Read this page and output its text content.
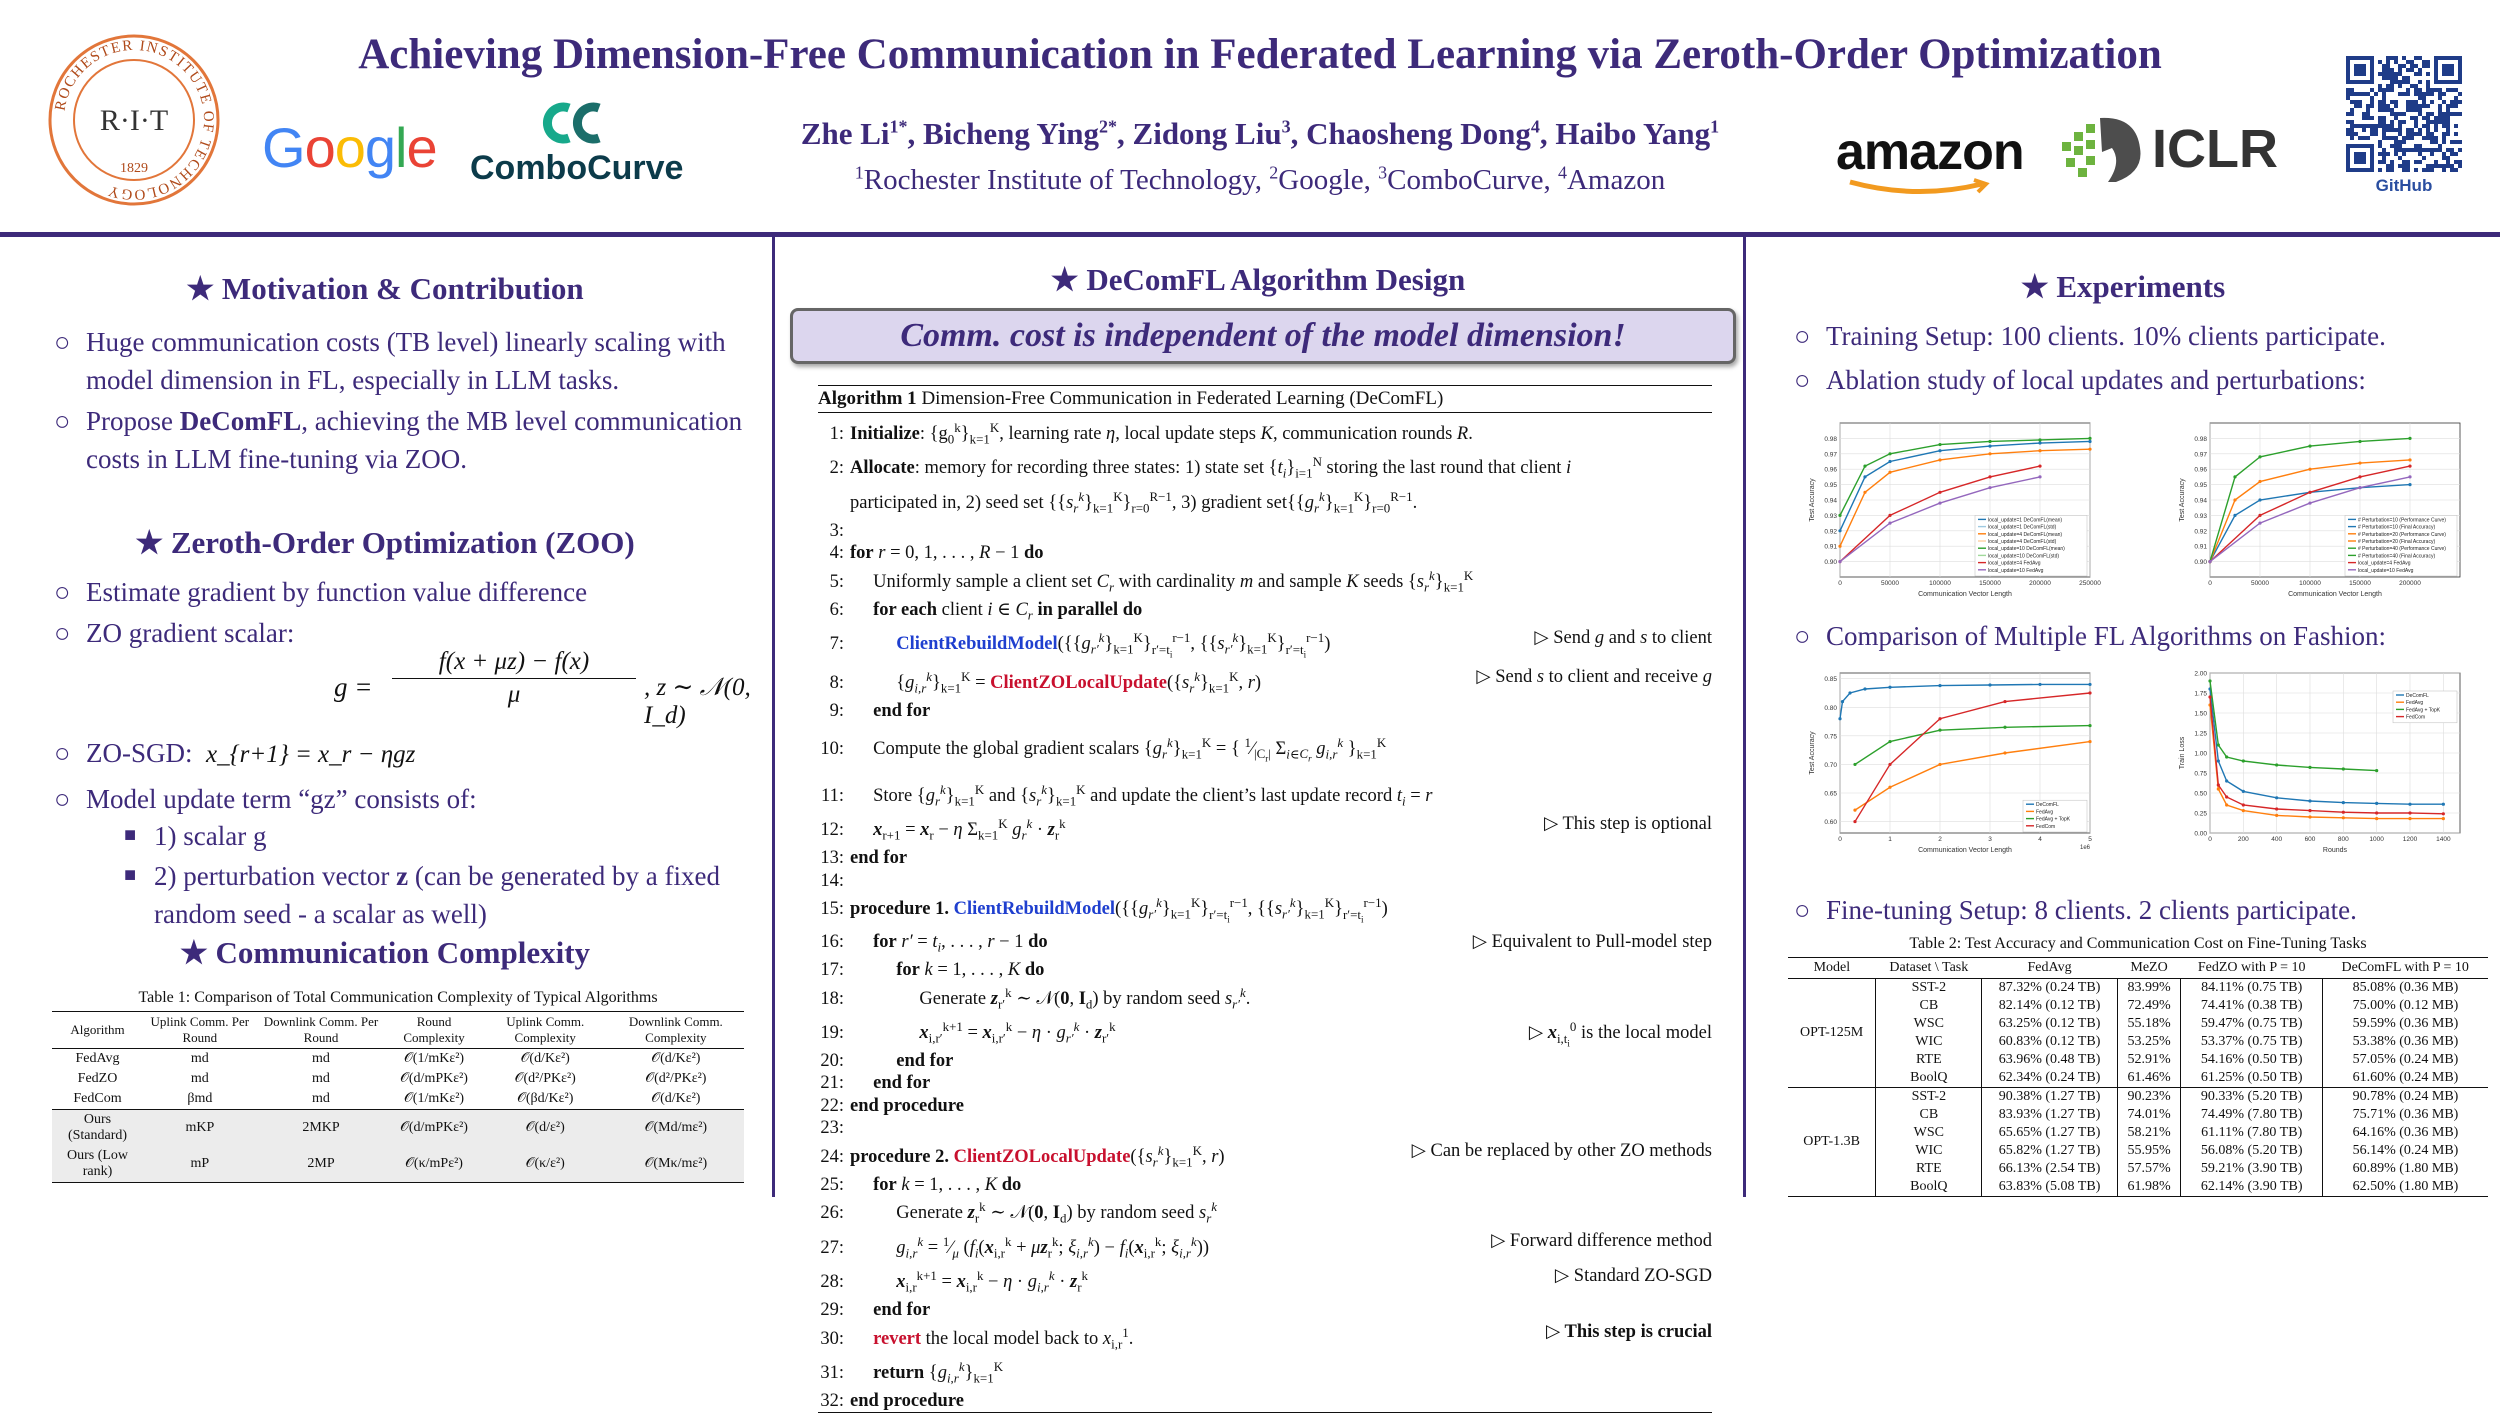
ROCHESTER INSTITUTE OF TECHNOLOGY
R·I·T
1829 Google ComboCurve
Achieving Dimension-Free Communication in Federated Learning via Zeroth-Order Optimization
Zhe $Li^{1*}$, Bicheng Ying$^{2*}$, Zidong Liu$^3$, Chaosheng Dong$^4$, Haibo Yang$^1$
$^1$Rochester Institute of Technology, $^2$Google, $^3$ComboCurve, $^4$Amazon	amazon ICLR
GitHub
★ Motivation & Contribution
○ Huge communication costs (TB level) linearly scaling with model dimension in FL, especially in LLM tasks.
○ Propose DeComFL, achieving the MB level communication costs in LLM fine-tuning via ZOO.
★ Zeroth-Order Optimization (ZOO)
○ Estimate gradient by function value difference
○ ZO gradient scalar:
g =
f(x + μz) − f(x)
μ	, z ∼ 𝒩(0, I_d)
○ ZO-SGD: x_{r+1} = x_r − ηgz
○ Model update term “gz” consists of:
■ 1) scalar g
■ 2) perturbation vector z (can be generated by a fixed random seed - a scalar as well)
★ Communication Complexity
Table 1: Comparison of Total Communication Complexity of Typical Algorithms
Algorithm	Uplink Comm. Per Round	Downlink Comm. Per Round	Round Complexity	Uplink Comm. Complexity	Downlink Comm. Complexity
FedAvg	md	md	𝒪(1/mKε²)	𝒪(d/Kε²)	𝒪(d/Kε²)
FedZO	md	md	𝒪(d/mPKε²)	𝒪(d²/PKε²)	𝒪(d²/PKε²)
FedCom	βmd	md	𝒪(1/mKε²)	𝒪(βd/Kε²)	𝒪(d/Kε²)
Ours (Standard)	mKP	2MKP	𝒪(d/mPKε²)	𝒪(d/ε²)	𝒪(Md/mε²)
Ours (Low rank)	mP	2MP	𝒪(κ/mPε²)	𝒪(κ/ε²)	𝒪(Mκ/mε²)
★ DeComFL Algorithm Design
Comm. cost is independent of the model dimension!
Algorithm 1 Dimension-Free Communication in Federated Learning (DeComFL)
1: Initialize: $\{g_0^k\}_{k=1}^K$, learning rate η, local update steps K, communication rounds R.
2: Allocate: memory for recording three states: 1) state set $\{t_i\}_{i=1}^N$ storing the last round that client i
participated in, 2) seed set $\{\{s_r^k\}_{k=1}^K\}_{r=0}^{R-1}$, 3) gradient $set\{\{g_r^k\}_{k=1}^K\}_{r=0}^{R-1}$.
3:
4: for r = 0, 1, . . . , R − 1 do
5:     Uniformly sample a client set $C_r$ with cardinality m and sample K seeds $\{s_r^k\}_{k=1}^K$
6: for each client i ∈ $C_r$ in parallel do
7:	$ClientRebuildModel(\{\{g_{r'}^k\}_{k=1}^K\}_{r'=t_i}^{r-1}$, $\{\{s_{r'}^k\}_{k=1}^K\}_{r'=t_i}^{r-1}$)	▷ Send g and s to client
8:          $\{g_{i,r}^k\}_{k=1}^K$ = $ClientZOLocalUpdate(\{s_r^k\}_{k=1}^K$, r)	▷ Send s to client and receive g
9: end for
10:     Compute the global gradient scalars $\{g_r^k\}_{k=1}^K$ = { $^1⁄_{|C_r|}$ $\Sigma_{i\in C_r}$ $g_{i,r}^k$ }$_{k=1}^K$
11:     Store $\{g_r^k\}_{k=1}^K$ and $\{s_r^k\}_{k=1}^K$ and update the client’s last update record $t_i = r$
12: $x_{r+1} = x_r - \eta$ $\Sigma_{k=1}^K$ $g_r^k \cdot z_r^k$	▷ This step is optional
13: end for
14:
15: procedure 1. $ClientRebuildModel(\{\{g_{r'}^k\}_{k=1}^K\}_{r'=t_i}^{r-1}$, $\{\{s_{r'}^k\}_{k=1}^K\}_{r'=t_i}^{r-1}$)
16: for $r' = t_i$, . . . , r − 1 do	▷ Equivalent to Pull-model step
17:	for k = 1, . . . , K do
18:               Generate $z_{r'}^k$ ∼ 𝒩(0, $I_d$) by random seed $s_{r'}^k$.
19:	$x_{i,r'}^{k+1} = x_{i,r'}^k - \eta \cdot g_{r'}^k \cdot z_{r'}^k$	▷ $x_{i,t_i}^0$ is the local model
20:	end for
21: end for
22: end procedure
23:
24: procedure 2. $ClientZOLocalUpdate(\{s_r^k\}_{k=1}^K$, r)	▷ Can be replaced by other ZO methods
25: for k = 1, . . . , K do
26:          Generate $z_r^k$ ∼ 𝒩(0, $I_d$) by random seed $s_r^k$
27:	$g_{i,r}^k$ = $^1⁄_\mu$ ($f_i(x_{i,r}^k + \mu z_r^k$; $\xi_{i,r}^k) - f_i(x_{i,r}^k$; $\xi_{i,r}^k$))	▷ Forward difference method
28:	$x_{i,r}^{k+1} = x_{i,r}^k - \eta \cdot g_{i,r}^k \cdot z_r^k$	▷ Standard ZO-SGD
29: end for
30: revert the local model back to $x_{i,r}^1$.	▷ This step is crucial
31: return $\{g_{i,r}^k\}_{k=1}^K$
32: end procedure
★ Experiments
○ Training Setup: 100 clients. 10% clients participate.
○ Ablation study of local updates and perturbations:
0.90
0.91
0.92
0.93
0.94
0.95
0.96
0.97
0.98
0	50000	100000	150000	200000	250000
Communication Vector Length
Test Accuracy	local_update=1 DeComFL(mean)
local_update=1 DeComFL(std)
local_update=4 DeComFL(mean)
local_update=4 DeComFL(std)
local_update=10 DeComFL(mean)
local_update=10 DeComFL(std)
local_update=4 FedAvg
local_update=10 FedAvg
0.90
0.91
0.92
0.93
0.94
0.95
0.96
0.97
0.98
0	50000	100000	150000	200000
Communication Vector Length
Test Accuracy	# Perturbation=10 (Performance Curve)
# Perturbation=10 (Final Accuracy)
# Perturbation=20 (Performance Curve)
# Perturbation=20 (Final Accuracy)
# Perturbation=40 (Performance Curve)
# Perturbation=40 (Final Accuracy)
local_update=4 FedAvg
local_update=10 FedAvg
○ Comparison of Multiple FL Algorithms on Fashion:
0.60
0.65
0.70
0.75
0.80
0.85
0	1	2	3	4	5
1e6
Communication Vector Length
Test Accuracy
DeComFL
FedAvg
FedAvg + TopK
FedCom
0.00
0.25
0.50
0.75
1.00
1.25
1.50
1.75
2.00
0	200	400	600	800	1000	1200	1400
Rounds
Train Loss
DeComFL
FedAvg
FedAvg + TopK
FedCom
○ Fine-tuning Setup: 8 clients. 2 clients participate.
Table 2: Test Accuracy and Communication Cost on Fine-Tuning Tasks
Model	Dataset \ Task	FedAvg	MeZO	FedZO with P = 10	DeComFL with P = 10
OPT-125M	SST-2	87.32% (0.24 TB)	83.99%	84.11% (0.75 TB)	85.08% (0.36 MB)
	CB	82.14% (0.12 TB)	72.49%	74.41% (0.38 TB)	75.00% (0.12 MB)
	WSC	63.25% (0.12 TB)	55.18%	59.47% (0.75 TB)	59.59% (0.36 MB)
	WIC	60.83% (0.12 TB)	53.25%	53.37% (0.75 TB)	53.38% (0.36 MB)
	RTE	63.96% (0.48 TB)	52.91%	54.16% (0.50 TB)	57.05% (0.24 MB)
	BoolQ	62.34% (0.24 TB)	61.46%	61.25% (0.50 TB)	61.60% (0.24 MB)
OPT-1.3B	SST-2	90.38% (1.27 TB)	90.23%	90.33% (5.20 TB)	90.78% (0.24 MB)
	CB	83.93% (1.27 TB)	74.01%	74.49% (7.80 TB)	75.71% (0.36 MB)
	WSC	65.65% (1.27 TB)	58.21%	61.11% (7.80 TB)	64.16% (0.36 MB)
	WIC	65.82% (1.27 TB)	55.95%	56.08% (5.20 TB)	56.14% (0.24 MB)
	RTE	66.13% (2.54 TB)	57.57%	59.21% (3.90 TB)	60.89% (1.80 MB)
	BoolQ	63.83% (5.08 TB)	61.98%	62.14% (3.90 TB)	62.50% (1.80 MB)
